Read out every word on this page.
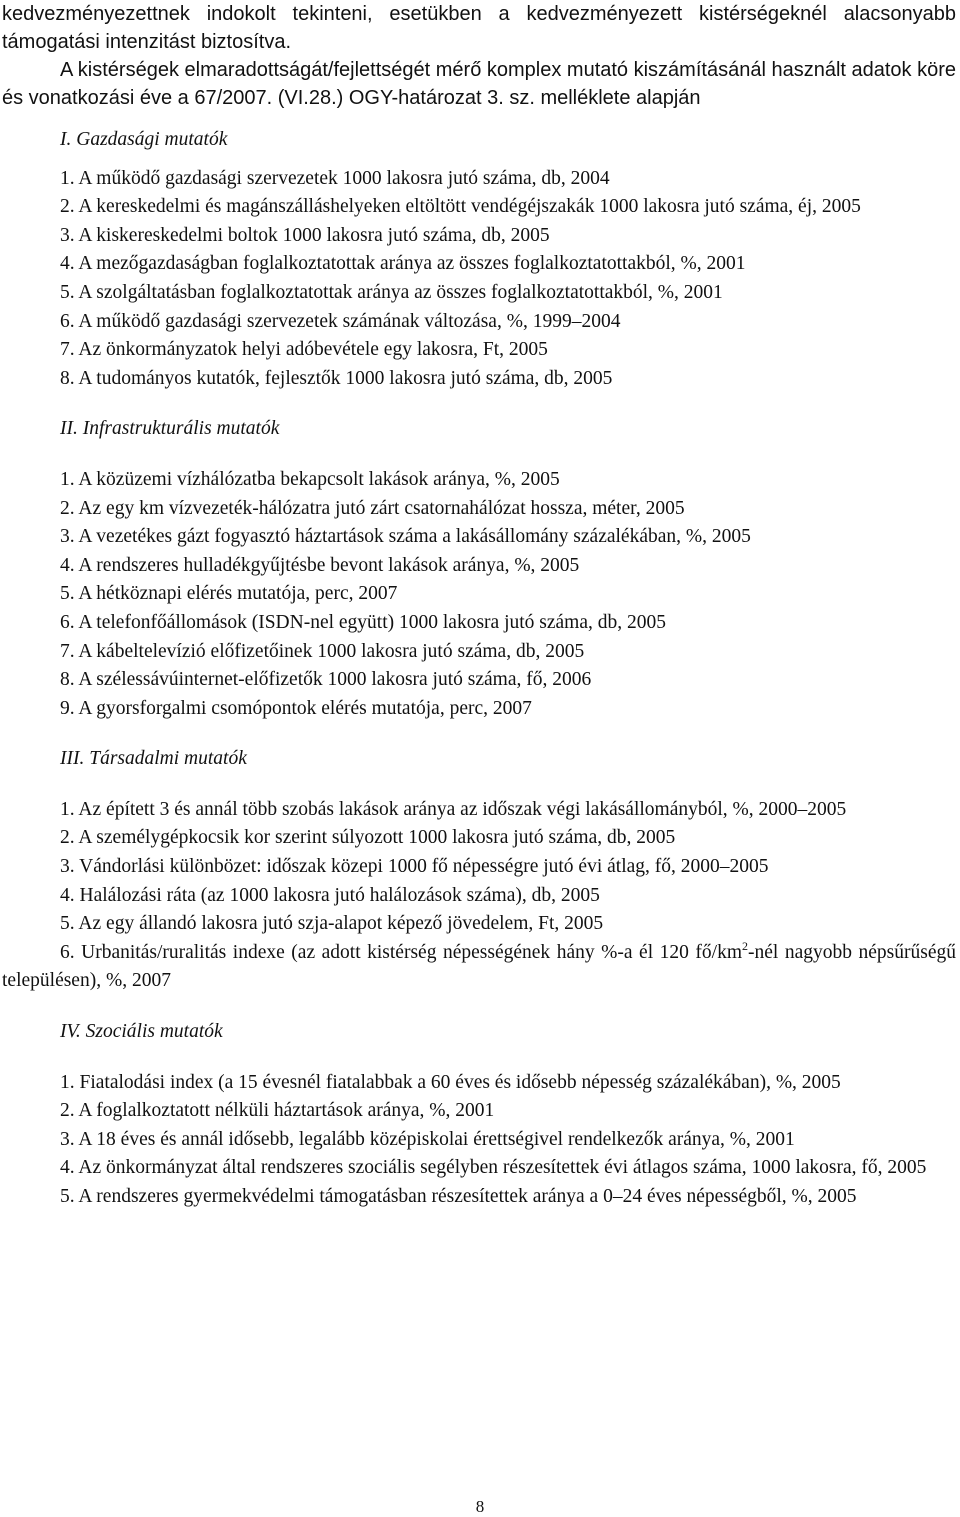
kedvezményezettnek indokolt tekinteni, esetükben a kedvezményezett kistérségeknél alacsonyabb támogatási intenzitást biztosítva.

A kistérségek elmaradottságát/fejlettségét mérő komplex mutató kiszámításánál használt adatok köre és vonatkozási éve a 67/2007. (VI.28.) OGY-határozat 3. sz. melléklete alapján

I. Gazdasági mutatók

1. A működő gazdasági szervezetek 1000 lakosra jutó száma, db, 2004

2. A kereskedelmi és magánszálláshelyeken eltöltött vendégéjszakák 1000 lakosra jutó száma, éj, 2005

3. A kiskereskedelmi boltok 1000 lakosra jutó száma, db, 2005

4. A mezőgazdaságban foglalkoztatottak aránya az összes foglalkoztatottakból, %, 2001

5. A szolgáltatásban foglalkoztatottak aránya az összes foglalkoztatottakból, %, 2001

6. A működő gazdasági szervezetek számának változása, %, 1999–2004

7. Az önkormányzatok helyi adóbevétele egy lakosra, Ft, 2005

8. A tudományos kutatók, fejlesztők 1000 lakosra jutó száma, db, 2005

II. Infrastrukturális mutatók

1. A közüzemi vízhálózatba bekapcsolt lakások aránya, %, 2005

2. Az egy km vízvezeték-hálózatra jutó zárt csatornahálózat hossza, méter, 2005

3. A vezetékes gázt fogyasztó háztartások száma a lakásállomány százalékában, %, 2005

4. A rendszeres hulladékgyűjtésbe bevont lakások aránya, %, 2005

5. A hétköznapi elérés mutatója, perc, 2007

6. A telefonfőállomások (ISDN-nel együtt) 1000 lakosra jutó száma, db, 2005

7. A kábeltelevízió előfizetőinek 1000 lakosra jutó száma, db, 2005

8. A szélessávúinternet-előfizetők 1000 lakosra jutó száma, fő, 2006

9. A gyorsforgalmi csomópontok elérés mutatója, perc, 2007

III. Társadalmi mutatók

1. Az épített 3 és annál több szobás lakások aránya az időszak végi lakásállományból, %, 2000–2005

2. A személygépkocsik kor szerint súlyozott 1000 lakosra jutó száma, db, 2005

3. Vándorlási különbözet: időszak közepi 1000 fő népességre jutó évi átlag, fő, 2000–2005

4. Halálozási ráta (az 1000 lakosra jutó halálozások száma), db, 2005

5. Az egy állandó lakosra jutó szja-alapot képező jövedelem, Ft, 2005

6. Urbanitás/ruralitás indexe (az adott kistérség népességének hány %-a él 120 $fő/km^2$-nél nagyobb népsűrűségű településen), %, 2007

IV. Szociális mutatók

1. Fiatalodási index (a 15 évesnél fiatalabbak a 60 éves és idősebb népesség százalékában), %, 2005

2. A foglalkoztatott nélküli háztartások aránya, %, 2001

3. A 18 éves és annál idősebb, legalább középiskolai érettségivel rendelkezők aránya, %, 2001

4. Az önkormányzat által rendszeres szociális segélyben részesítettek évi átlagos száma, 1000 lakosra, fő, 2005

5. A rendszeres gyermekvédelmi támogatásban részesítettek aránya a 0–24 éves népességből, %, 2005

8
